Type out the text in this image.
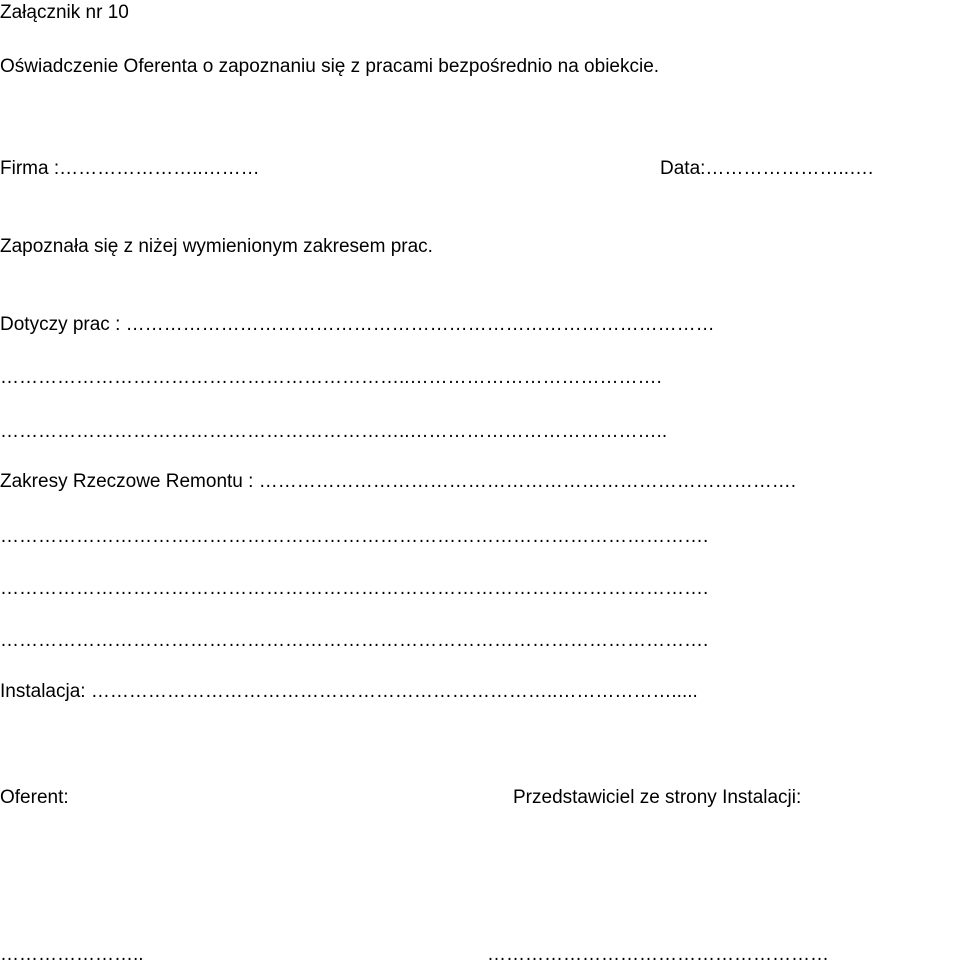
Załącznik nr 10
Oświadczenie Oferenta o zapoznaniu się z pracami bezpośrednio na obiekcie.
Firma :…………………..………	Data:…………………..….
Zapoznała się z niżej wymienionym zakresem prac.
Dotyczy prac : …………………………………………………………………………………
………………………………………………………..………………………………….
………………………………………………………..…………………………………..
Zakresy Rzeczowe Remontu : ………………………………………………………………………….
………………………………………………………………………………………………….
………………………………………………………………………………………………….
………………………………………………………………………………………………….
Instalacja: ………………………………………………………………..……………….....
Oferent:	Przedstawiciel ze strony Instalacji:
…………………..	………………………………………………
